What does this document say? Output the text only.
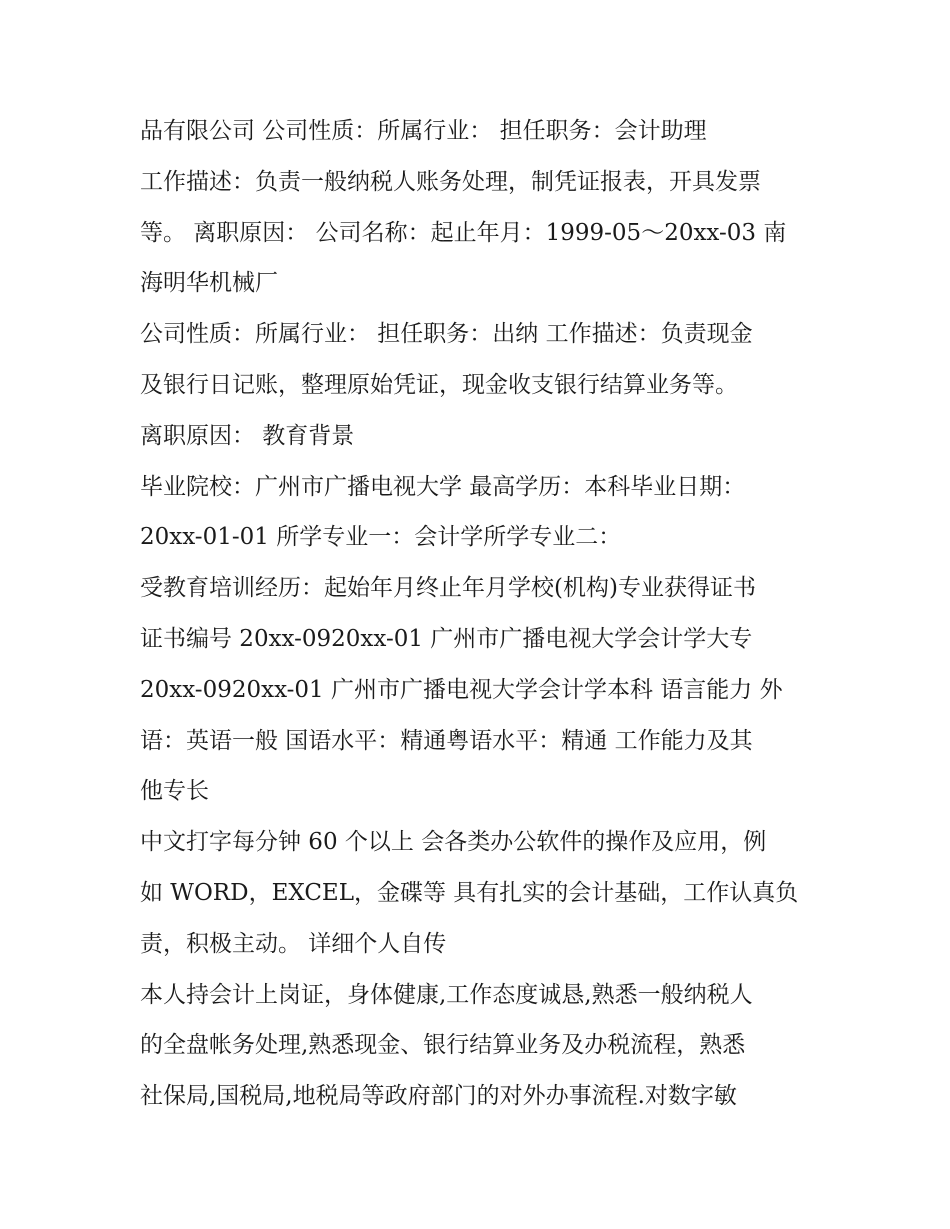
品有限公司 公司性质：所属行业： 担任职务：会计助理
工作描述：负责一般纳税人账务处理，制凭证报表，开具发票
等。 离职原因： 公司名称：起止年月：1999-05～20xx-03 南
海明华机械厂
公司性质：所属行业： 担任职务：出纳 工作描述：负责现金
及银行日记账，整理原始凭证，现金收支银行结算业务等。
离职原因： 教育背景
毕业院校：广州市广播电视大学 最高学历：本科毕业日期：
20xx-01-01 所学专业一：会计学所学专业二：
受教育培训经历：起始年月终止年月学校(机构)专业获得证书
证书编号 20xx-0920xx-01 广州市广播电视大学会计学大专
20xx-0920xx-01 广州市广播电视大学会计学本科 语言能力 外
语：英语一般 国语水平：精通粤语水平：精通 工作能力及其
他专长
中文打字每分钟 60 个以上 会各类办公软件的操作及应用，例
如 WORD，EXCEL，金碟等 具有扎实的会计基础，工作认真负
责，积极主动。 详细个人自传
本人持会计上岗证，身体健康,工作态度诚恳,熟悉一般纳税人
的全盘帐务处理,熟悉现金、银行结算业务及办税流程，熟悉
社保局,国税局,地税局等政府部门的对外办事流程.对数字敏
